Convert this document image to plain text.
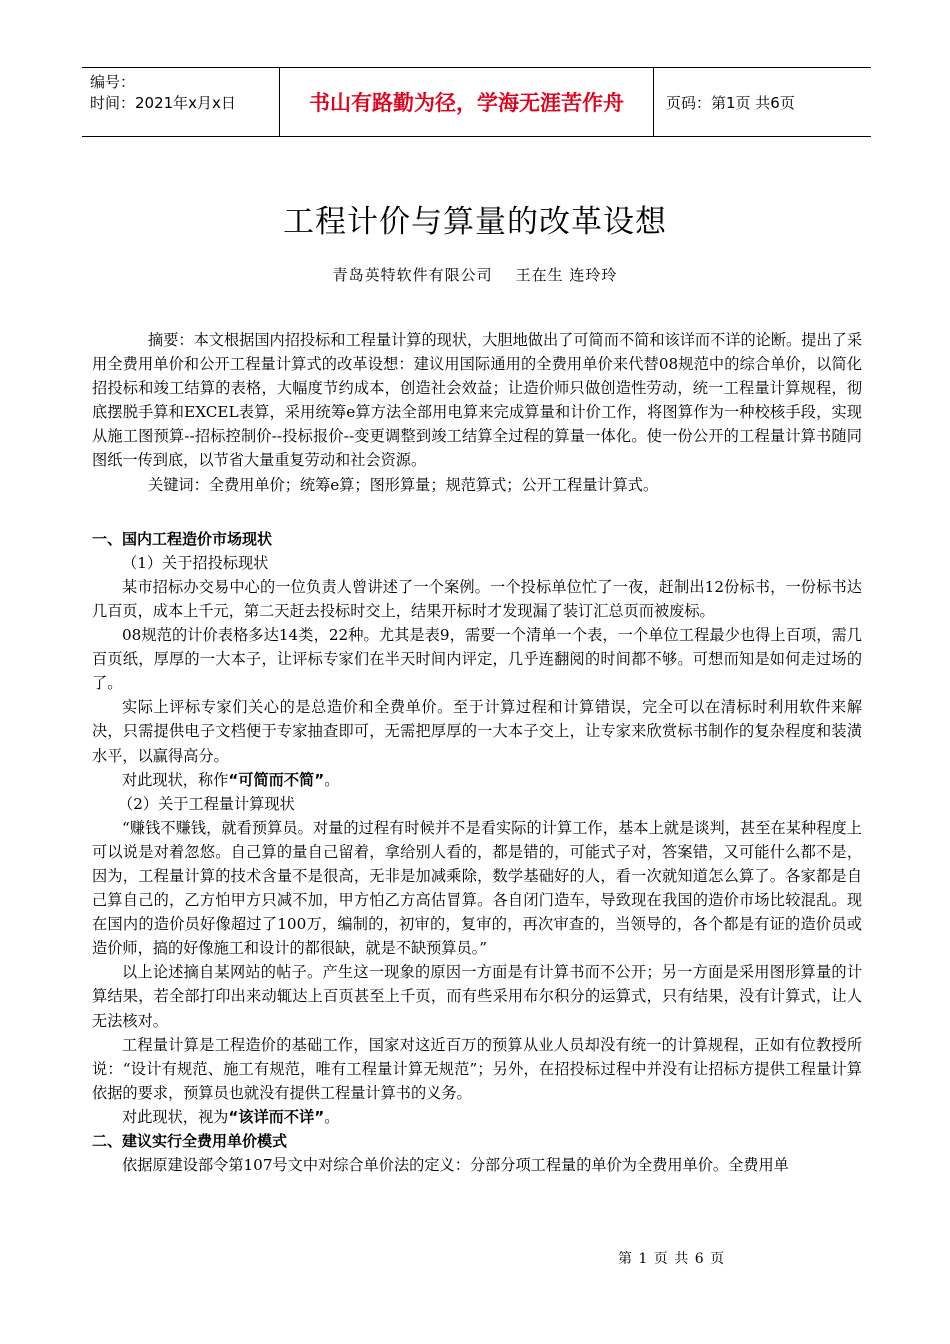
编号：
时间：2021年x月x日	书山有路勤为径，学海无涯苦作舟	页码：第1页 共6页
工程计价与算量的改革设想
青岛英特软件有限公司    王在生 连玲玲

摘要：本文根据国内招投标和工程量计算的现状，大胆地做出了可简而不简和该详而不详的论断。提出了采用全费用单价和公开工程量计算式的改革设想：建议用国际通用的全费用单价来代替08规范中的综合单价，以简化招投标和竣工结算的表格，大幅度节约成本，创造社会效益；让造价师只做创造性劳动，统一工程量计算规程，彻底摆脱手算和EXCEL表算，采用统筹e算方法全部用电算来完成算量和计价工作，将图算作为一种校核手段，实现从施工图预算--招标控制价--投标报价--变更调整到竣工结算全过程的算量一体化。使一份公开的工程量计算书随同图纸一传到底，以节省大量重复劳动和社会资源。

关键词：全费用单价；统筹e算；图形算量；规范算式；公开工程量计算式。

一、国内工程造价市场现状

（1）关于招投标现状

某市招标办交易中心的一位负责人曾讲述了一个案例。一个投标单位忙了一夜，赶制出12份标书，一份标书达几百页，成本上千元，第二天赶去投标时交上，结果开标时才发现漏了装订汇总页而被废标。

08规范的计价表格多达14类，22种。尤其是表9，需要一个清单一个表，一个单位工程最少也得上百项，需几百页纸，厚厚的一大本子，让评标专家们在半天时间内评定，几乎连翻阅的时间都不够。可想而知是如何走过场的了。

实际上评标专家们关心的是总造价和全费单价。至于计算过程和计算错误，完全可以在清标时利用软件来解决，只需提供电子文档便于专家抽查即可，无需把厚厚的一大本子交上，让专家来欣赏标书制作的复杂程度和装潢水平，以赢得高分。

对此现状，称作“可简而不简”。

（2）关于工程量计算现状

“赚钱不赚钱，就看预算员。对量的过程有时候并不是看实际的计算工作，基本上就是谈判，甚至在某种程度上可以说是对着忽悠。自己算的量自己留着，拿给别人看的，都是错的，可能式子对，答案错，又可能什么都不是，因为，工程量计算的技术含量不是很高，无非是加减乘除，数学基础好的人，看一次就知道怎么算了。各家都是自己算自己的，乙方怕甲方只减不加，甲方怕乙方高估冒算。各自闭门造车，导致现在我国的造价市场比较混乱。现在国内的造价员好像超过了100万，编制的，初审的，复审的，再次审查的，当领导的，各个都是有证的造价员或造价师，搞的好像施工和设计的都很缺，就是不缺预算员。”

以上论述摘自某网站的帖子。产生这一现象的原因一方面是有计算书而不公开；另一方面是采用图形算量的计算结果，若全部打印出来动辄达上百页甚至上千页，而有些采用布尔积分的运算式，只有结果，没有计算式，让人无法核对。

工程量计算是工程造价的基础工作，国家对这近百万的预算从业人员却没有统一的计算规程，正如有位教授所说：“设计有规范、施工有规范，唯有工程量计算无规范”；另外，在招投标过程中并没有让招标方提供工程量计算依据的要求，预算员也就没有提供工程量计算书的义务。

对此现状，视为“该详而不详”。

二、建议实行全费用单价模式

依据原建设部令第107号文中对综合单价法的定义：分部分项工程量的单价为全费用单价。全费用单

第 1 页 共 6 页
